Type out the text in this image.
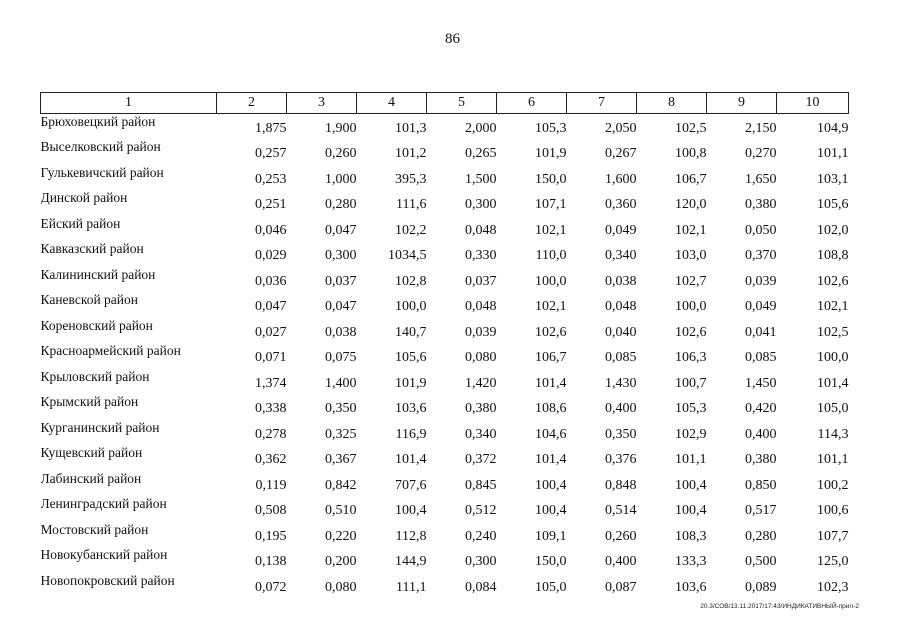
86
1	2	3	4	5	6	7	8	9	10
Брюховецкий район	1,875	1,900	101,3	2,000	105,3	2,050	102,5	2,150	104,9
Выселковский район	0,257	0,260	101,2	0,265	101,9	0,267	100,8	0,270	101,1
Гулькевичский район	0,253	1,000	395,3	1,500	150,0	1,600	106,7	1,650	103,1
Динской район	0,251	0,280	111,6	0,300	107,1	0,360	120,0	0,380	105,6
Ейский район	0,046	0,047	102,2	0,048	102,1	0,049	102,1	0,050	102,0
Кавказский район	0,029	0,300	1034,5	0,330	110,0	0,340	103,0	0,370	108,8
Калининский район	0,036	0,037	102,8	0,037	100,0	0,038	102,7	0,039	102,6
Каневской район	0,047	0,047	100,0	0,048	102,1	0,048	100,0	0,049	102,1
Кореновский район	0,027	0,038	140,7	0,039	102,6	0,040	102,6	0,041	102,5
Красноармейский район	0,071	0,075	105,6	0,080	106,7	0,085	106,3	0,085	100,0
Крыловский район	1,374	1,400	101,9	1,420	101,4	1,430	100,7	1,450	101,4
Крымский район	0,338	0,350	103,6	0,380	108,6	0,400	105,3	0,420	105,0
Курганинский район	0,278	0,325	116,9	0,340	104,6	0,350	102,9	0,400	114,3
Кущевский район	0,362	0,367	101,4	0,372	101,4	0,376	101,1	0,380	101,1
Лабинский район	0,119	0,842	707,6	0,845	100,4	0,848	100,4	0,850	100,2
Ленинградский район	0,508	0,510	100,4	0,512	100,4	0,514	100,4	0,517	100,6
Мостовский район	0,195	0,220	112,8	0,240	109,1	0,260	108,3	0,280	107,7
Новокубанский район	0,138	0,200	144,9	0,300	150,0	0,400	133,3	0,500	125,0
Новопокровский район	0,072	0,080	111,1	0,084	105,0	0,087	103,6	0,089	102,3
20.3/СОВ/13.11.2017/17:43/ИНДИКАТИВНЫЙ-прил-2
